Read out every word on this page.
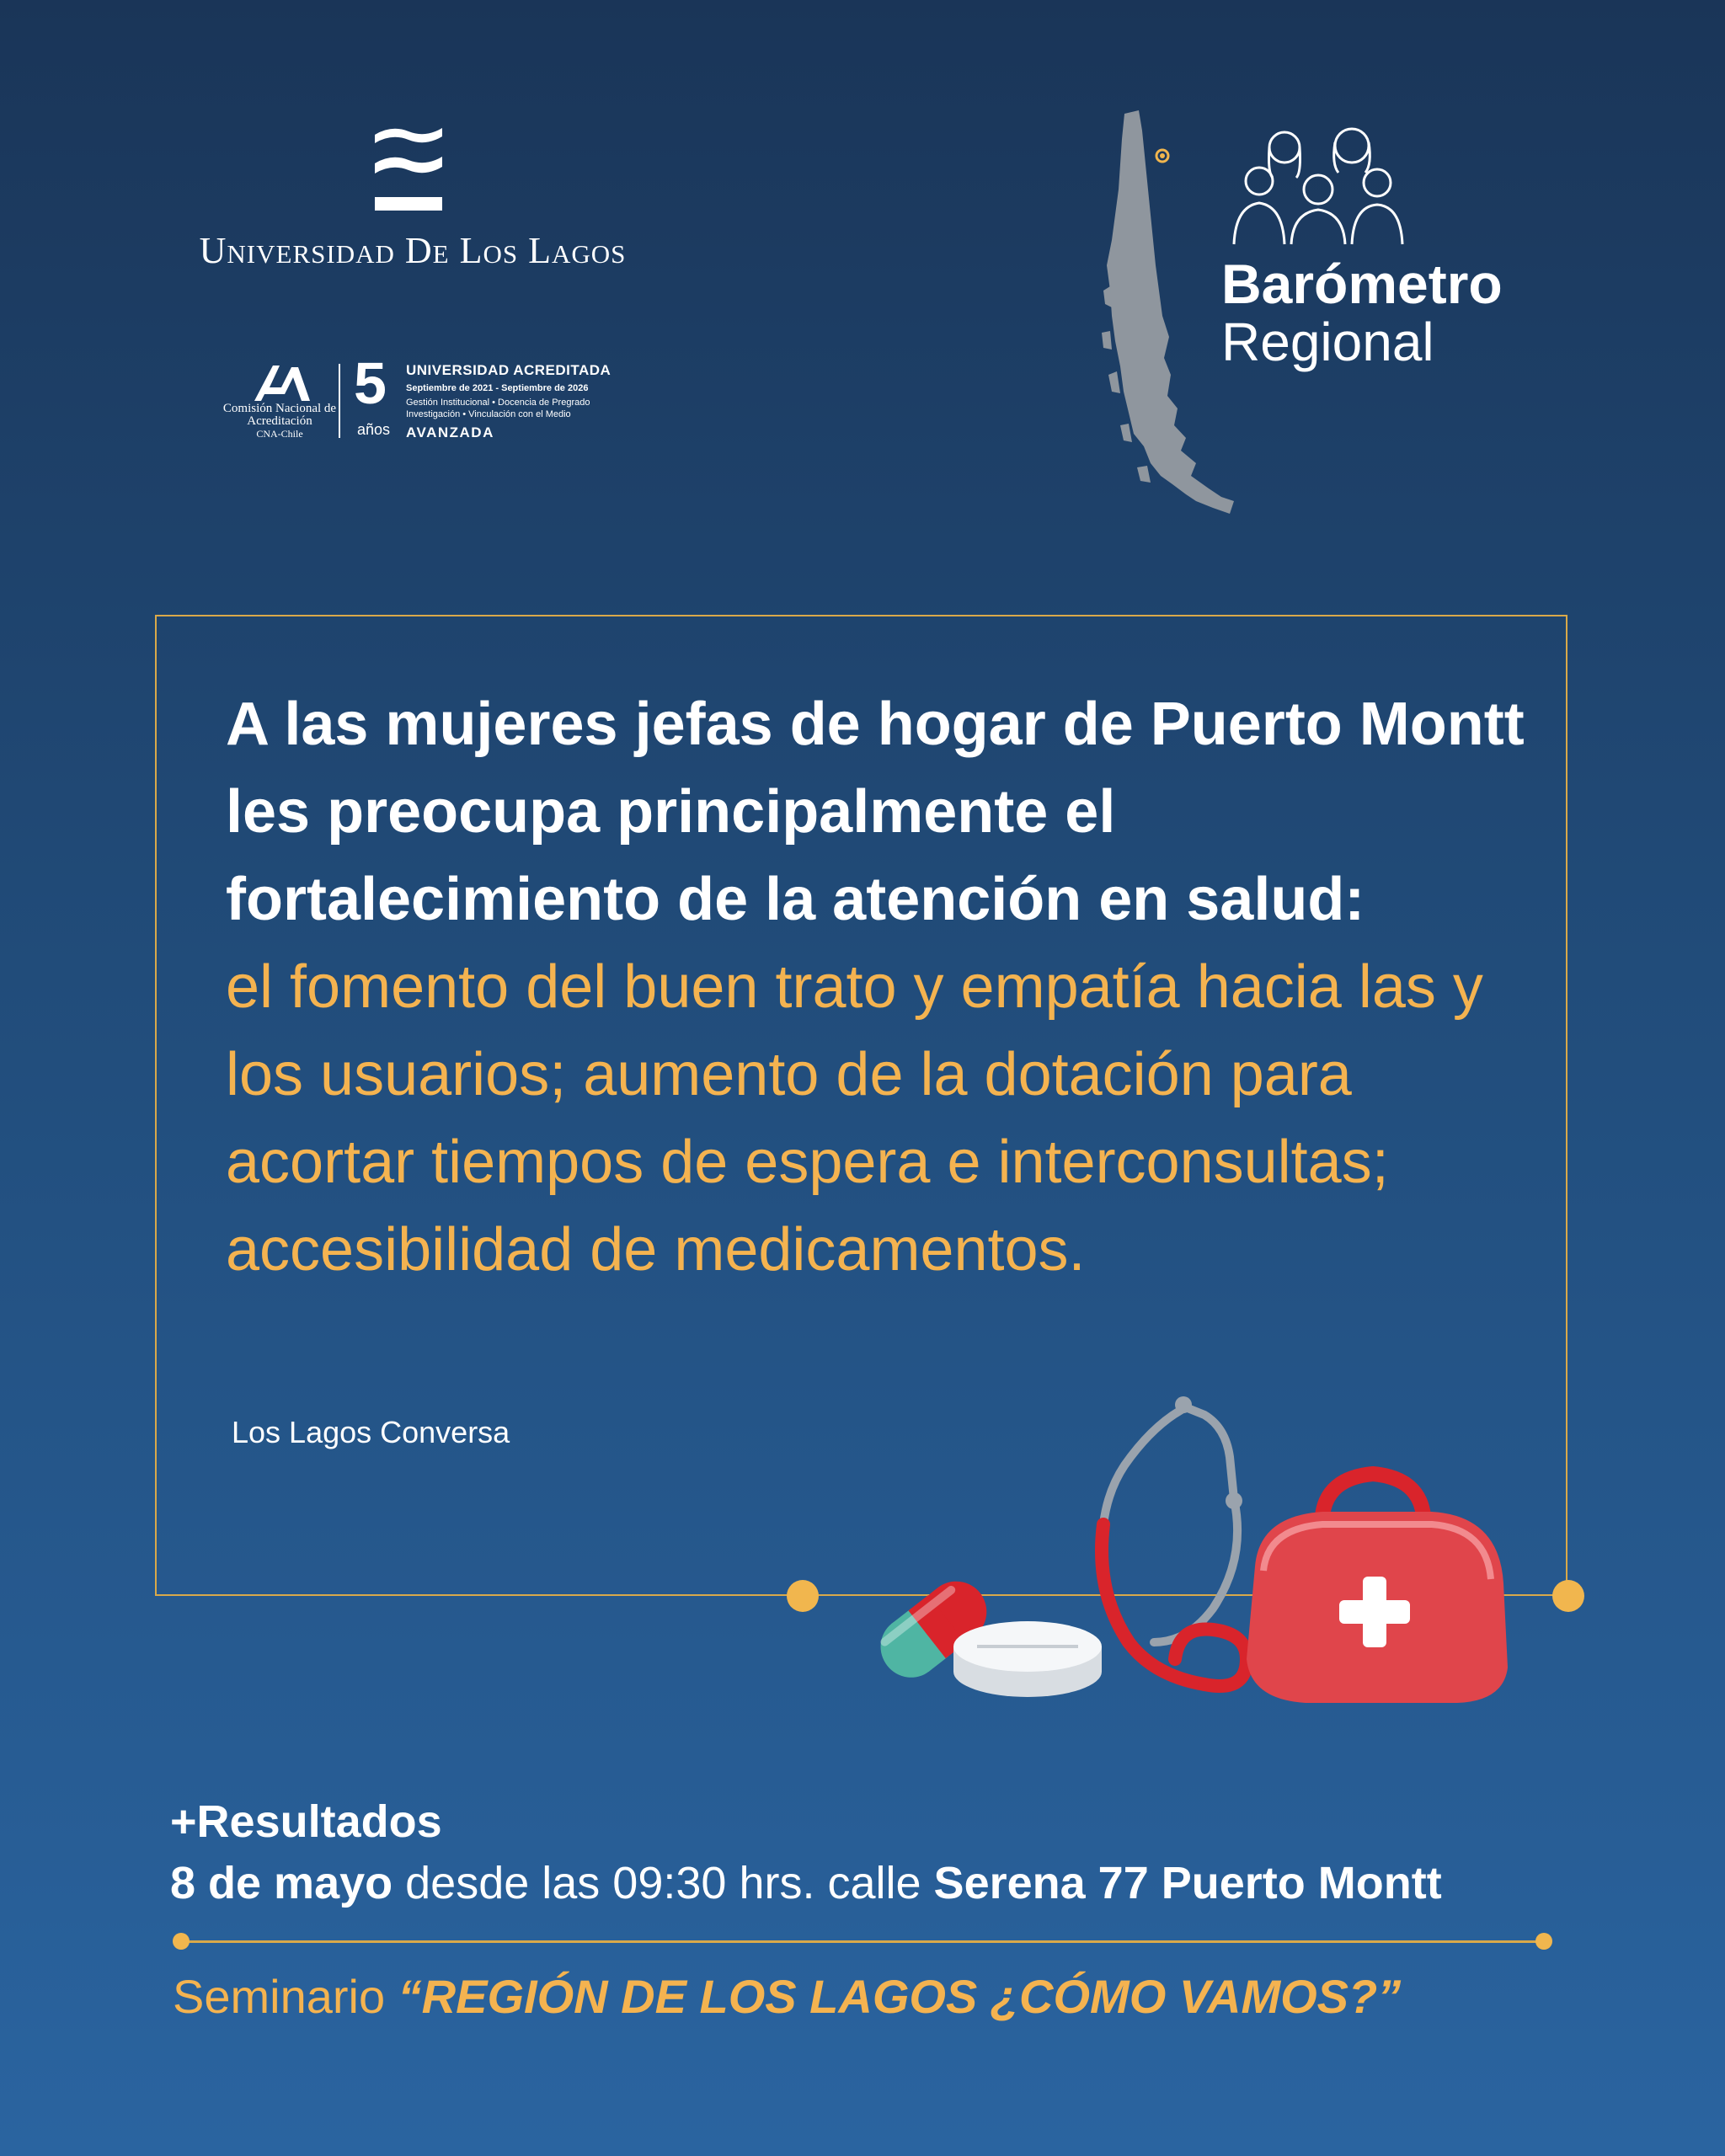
Universidad De Los Lagos
Comisión Nacional de Acreditación
CNA-Chile
5
años
UNIVERSIDAD ACREDITADA
Septiembre de 2021 - Septiembre de 2026
Gestión Institucional • Docencia de Pregrado
Investigación • Vinculación con el Medio
AVANZADA
Barómetro
Regional
A las mujeres jefas de hogar de Puerto Montt les preocupa principalmente el fortalecimiento de la atención en salud:
el fomento del buen trato y empatía hacia las y los usuarios; aumento de la dotación para acortar tiempos de espera e interconsultas; accesibilidad de medicamentos.
Los Lagos Conversa
+Resultados
8 de mayo desde las 09:30 hrs. calle Serena 77 Puerto Montt
Seminario “REGIÓN DE LOS LAGOS ¿CÓMO VAMOS?”
